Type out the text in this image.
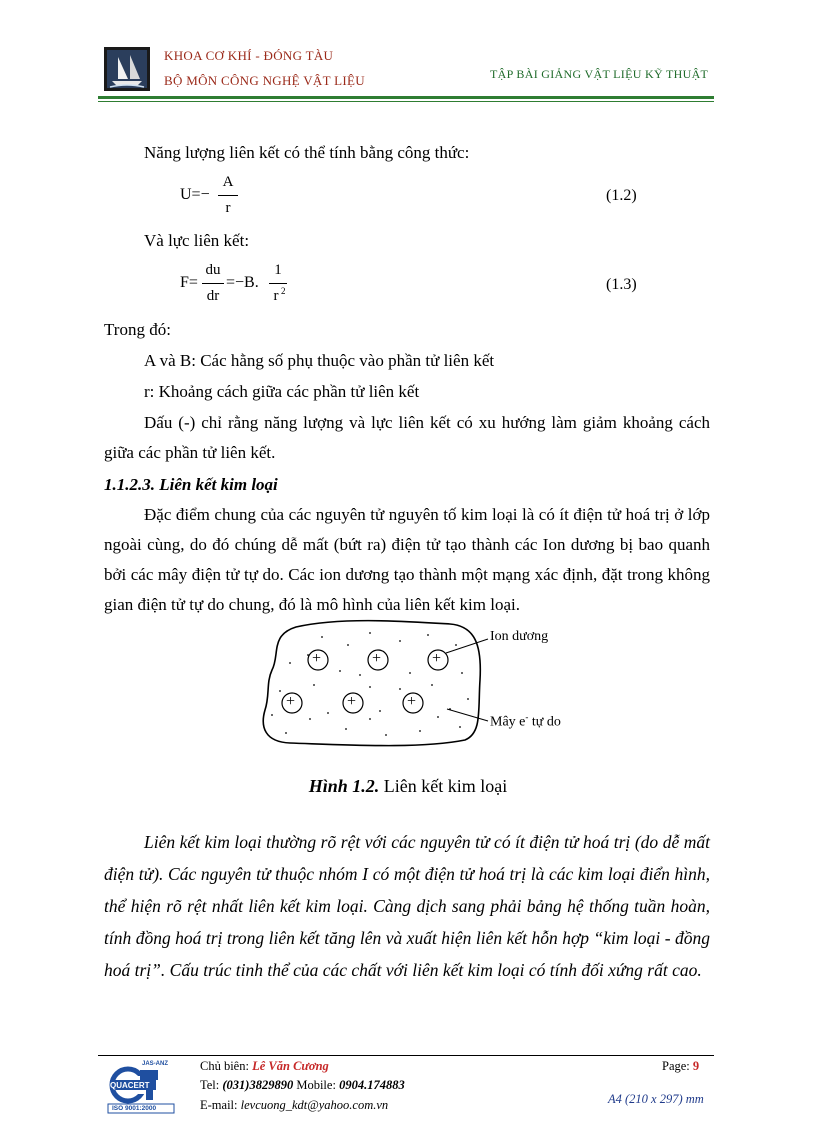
KHOA CƠ KHÍ - ĐÓNG TÀU
BỘ MÔN CÔNG NGHỆ VẬT LIỆU	TẬP BÀI GIẢNG VẬT LIỆU KỸ THUẬT
Năng lượng liên kết có thể tính bằng công thức:
U=−
A
r
(1.2)
Và lực liên kết:
F=
du
dr
=−B.
1
r 2	(1.3)
Trong đó:
A và B: Các hằng số phụ thuộc vào phần tử liên kết
r: Khoảng cách giữa các phần tử liên kết
Dấu (-) chỉ rằng năng lượng và lực liên kết có xu hướng làm giảm khoảng cách giữa các phần tử liên kết.
1.1.2.3. Liên kết kim loại
Đặc điểm chung của các nguyên tử nguyên tố kim loại là có ít điện tử hoá trị ở lớp ngoài cùng, do đó chúng dễ mất (bứt ra) điện tử tạo thành các Ion dương bị bao quanh bởi các mây điện tử tự do. Các ion dương tạo thành một mạng xác định, đặt trong không gian điện tử tự do chung, đó là mô hình của liên kết kim loại.
+	+	+
+	+	+
Ion dương
Mây e- tự do
Hình 1.2. Liên kết kim loại
Liên kết kim loại thường rõ rệt với các nguyên tử có ít điện tử hoá trị (do dễ mất điện tử). Các nguyên tử thuộc nhóm I có một điện tử hoá trị là các kim loại điển hình, thể hiện rõ rệt nhất liên kết kim loại. Càng dịch sang phải bảng hệ thống tuần hoàn, tính đồng hoá trị trong liên kết tăng lên và xuất hiện liên kết hỗn hợp “kim loại - đồng hoá trị”. Cấu trúc tinh thể của các chất với liên kết kim loại có tính đối xứng rất cao.
JAS-ANZ
QUACERT
ISO 9001:2000
Chủ biên: Lê Văn Cương
Tel: (031)3829890 Mobile: 0904.174883
E-mail: levcuong_kdt@yahoo.com.vn
Page: 9
A4 (210 x 297) mm
